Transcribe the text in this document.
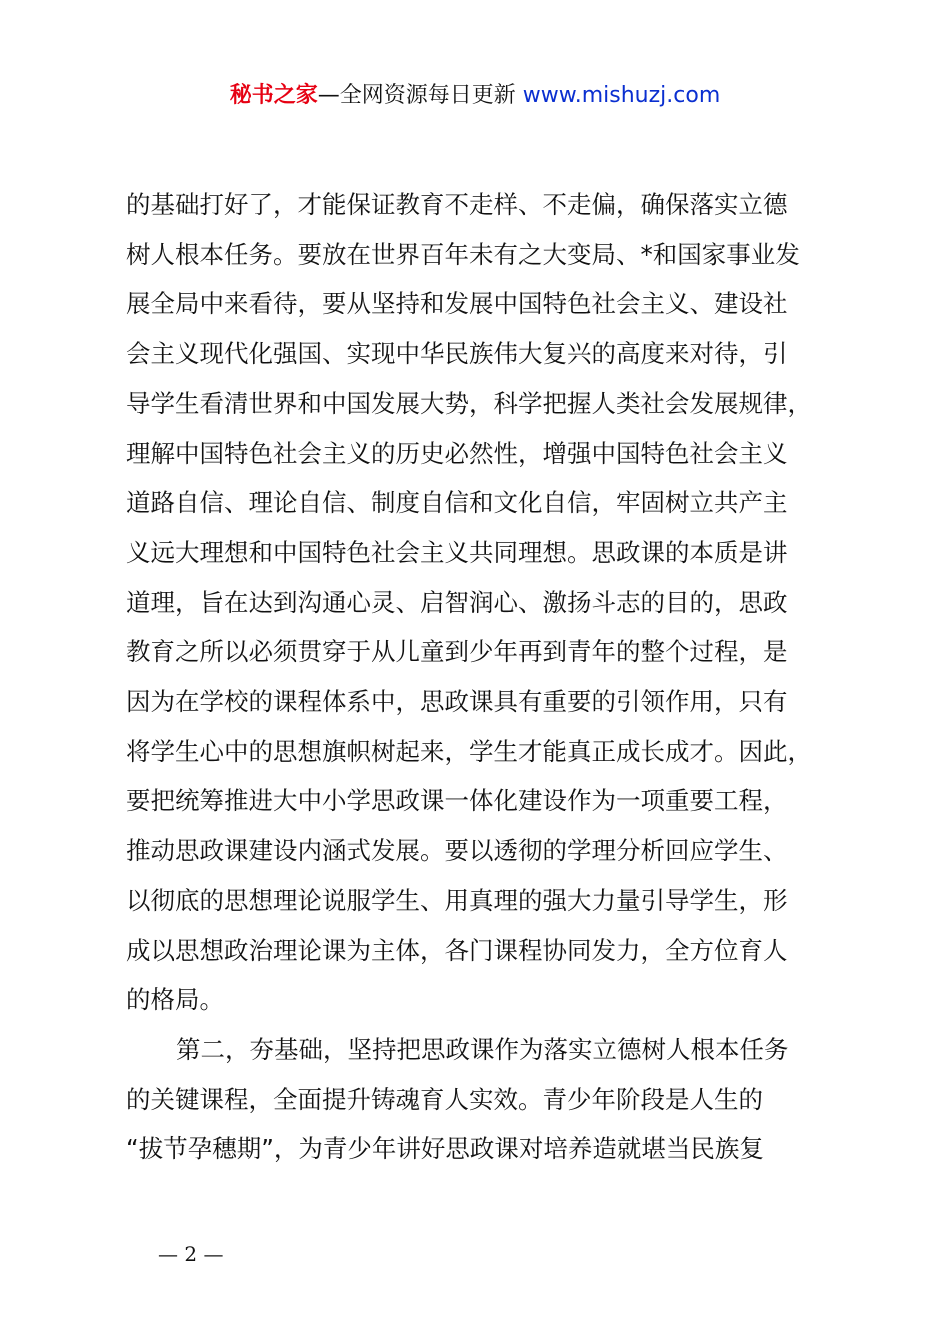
秘书之家—全网资源每日更新 www.mishuzj.com

的基础打好了，才能保证教育不走样、不走偏，确保落实立德
树人根本任务。要放在世界百年未有之大变局、*和国家事业发
展全局中来看待，要从坚持和发展中国特色社会主义、建设社
会主义现代化强国、实现中华民族伟大复兴的高度来对待，引
导学生看清世界和中国发展大势，科学把握人类社会发展规律，
理解中国特色社会主义的历史必然性，增强中国特色社会主义
道路自信、理论自信、制度自信和文化自信，牢固树立共产主
义远大理想和中国特色社会主义共同理想。思政课的本质是讲
道理，旨在达到沟通心灵、启智润心、激扬斗志的目的，思政
教育之所以必须贯穿于从儿童到少年再到青年的整个过程，是
因为在学校的课程体系中，思政课具有重要的引领作用，只有
将学生心中的思想旗帜树起来，学生才能真正成长成才。因此，
要把统筹推进大中小学思政课一体化建设作为一项重要工程，
推动思政课建设内涵式发展。要以透彻的学理分析回应学生、
以彻底的思想理论说服学生、用真理的强大力量引导学生，形
成以思想政治理论课为主体，各门课程协同发力，全方位育人
的格局。

第二，夯基础，坚持把思政课作为落实立德树人根本任务
的关键课程，全面提升铸魂育人实效。青少年阶段是人生的
“拔节孕穗期”，为青少年讲好思政课对培养造就堪当民族复

— 2 —
